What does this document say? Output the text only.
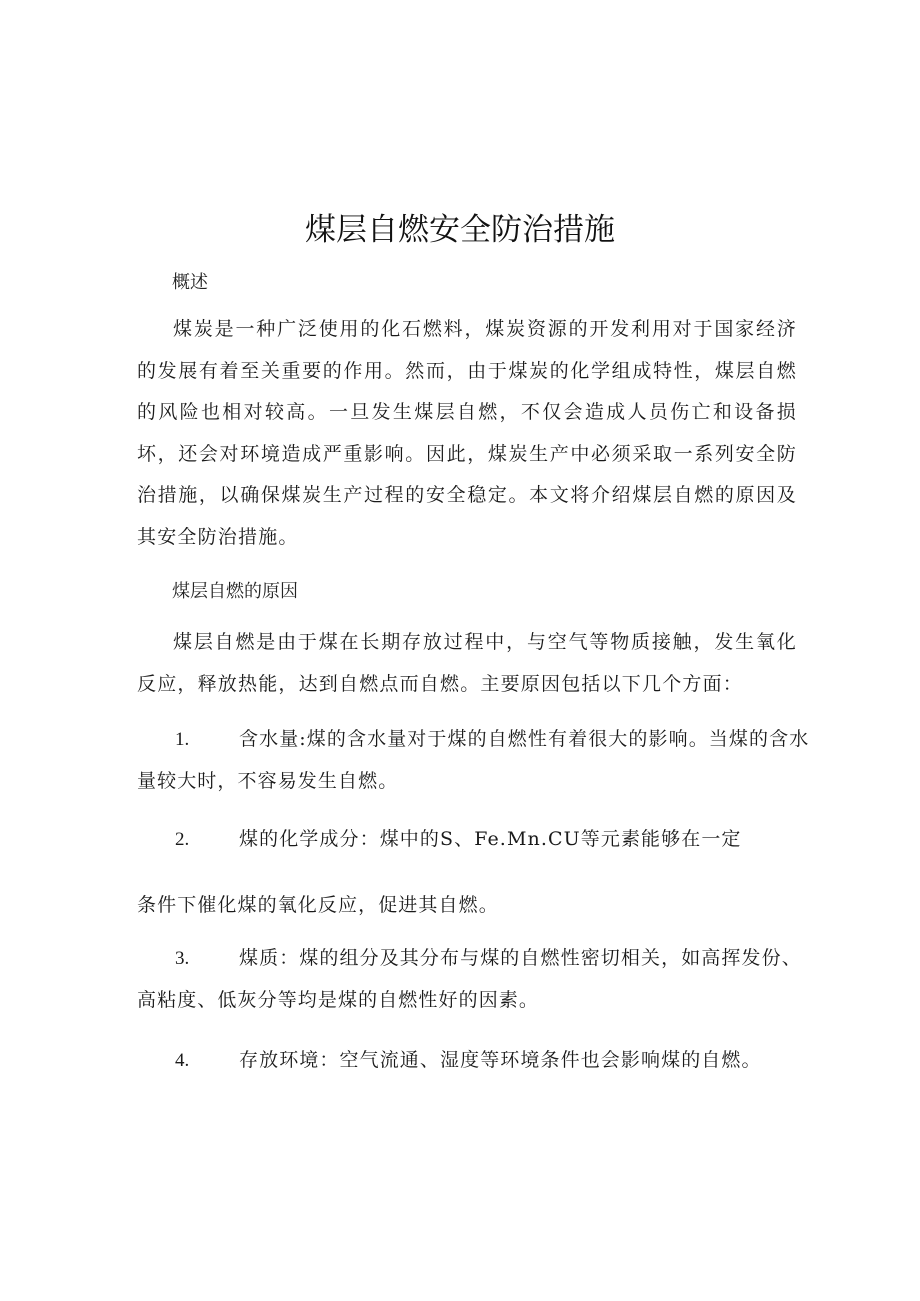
煤层自燃安全防治措施
概述

煤炭是一种广泛使用的化石燃料，煤炭资源的开发利用对于国家经济的发展有着至关重要的作用。然而，由于煤炭的化学组成特性，煤层自燃的风险也相对较高。一旦发生煤层自燃，不仅会造成人员伤亡和设备损坏，还会对环境造成严重影响。因此，煤炭生产中必须采取一系列安全防治措施，以确保煤炭生产过程的安全稳定。本文将介绍煤层自燃的原因及其安全防治措施。

煤层自燃的原因

煤层自燃是由于煤在长期存放过程中，与空气等物质接触，发生氧化反应，释放热能，达到自燃点而自燃。主要原因包括以下几个方面：

1.	含水量:煤的含水量对于煤的自燃性有着很大的影响。当煤的含水量较大时，不容易发生自燃。

2.	煤的化学成分：煤中的S、Fe.Mn.CU等元素能够在一定

条件下催化煤的氧化反应，促进其自燃。

3.	煤质：煤的组分及其分布与煤的自燃性密切相关，如高挥发份、高粘度、低灰分等均是煤的自燃性好的因素。

4.	存放环境：空气流通、湿度等环境条件也会影响煤的自燃。
